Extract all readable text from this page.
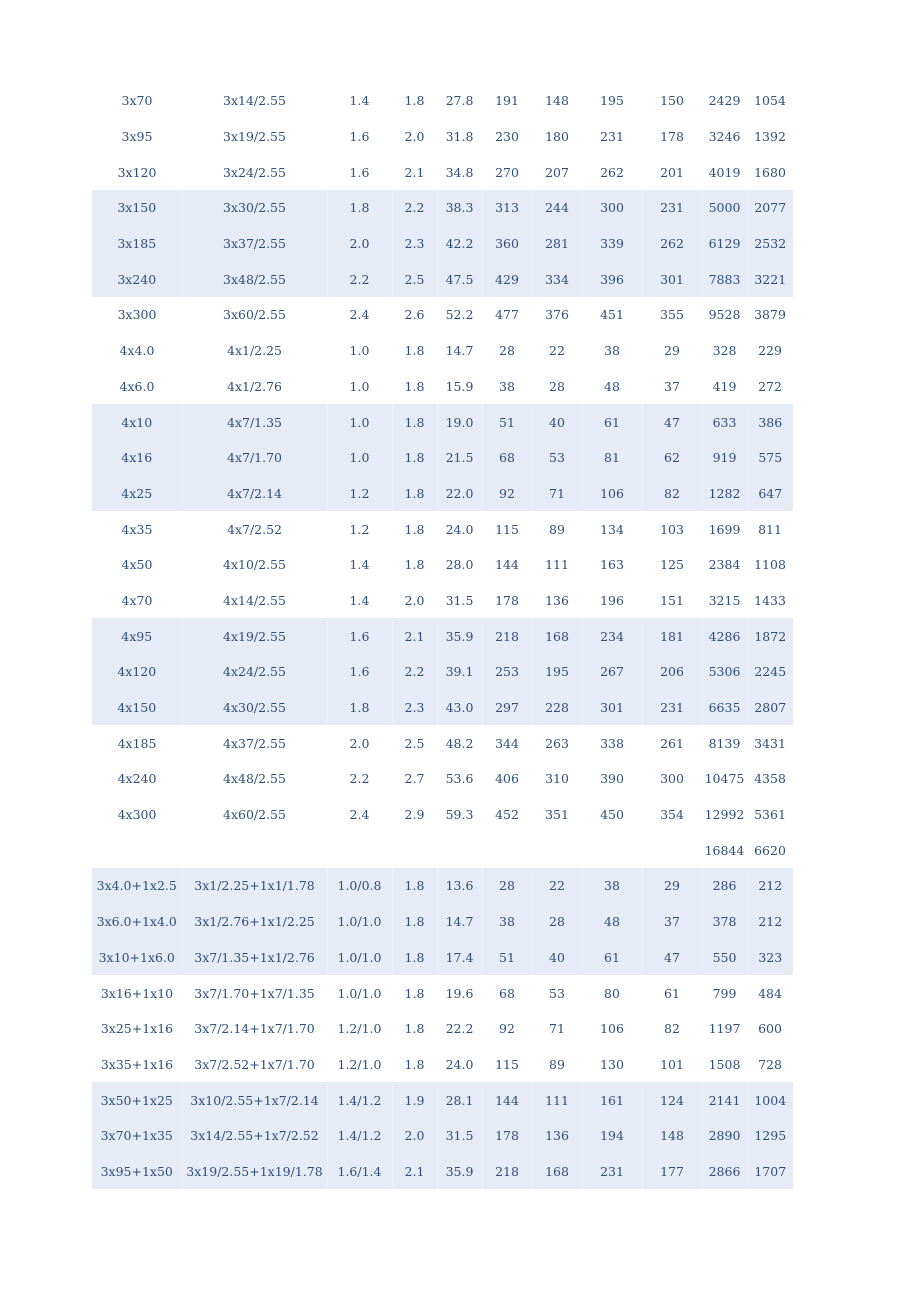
3x70	3x14/2.55	1.4	1.8	27.8	191	148	195	150	2429	1054
3x95	3x19/2.55	1.6	2.0	31.8	230	180	231	178	3246	1392
3x120	3x24/2.55	1.6	2.1	34.8	270	207	262	201	4019	1680
3x150	3x30/2.55	1.8	2.2	38.3	313	244	300	231	5000	2077
3x185	3x37/2.55	2.0	2.3	42.2	360	281	339	262	6129	2532
3x240	3x48/2.55	2.2	2.5	47.5	429	334	396	301	7883	3221
3x300	3x60/2.55	2.4	2.6	52.2	477	376	451	355	9528	3879
4x4.0	4x1/2.25	1.0	1.8	14.7	28	22	38	29	328	229
4x6.0	4x1/2.76	1.0	1.8	15.9	38	28	48	37	419	272
4x10	4x7/1.35	1.0	1.8	19.0	51	40	61	47	633	386
4x16	4x7/1.70	1.0	1.8	21.5	68	53	81	62	919	575
4x25	4x7/2.14	1.2	1.8	22.0	92	71	106	82	1282	647
4x35	4x7/2.52	1.2	1.8	24.0	115	89	134	103	1699	811
4x50	4x10/2.55	1.4	1.8	28.0	144	111	163	125	2384	1108
4x70	4x14/2.55	1.4	2.0	31.5	178	136	196	151	3215	1433
4x95	4x19/2.55	1.6	2.1	35.9	218	168	234	181	4286	1872
4x120	4x24/2.55	1.6	2.2	39.1	253	195	267	206	5306	2245
4x150	4x30/2.55	1.8	2.3	43.0	297	228	301	231	6635	2807
4x185	4x37/2.55	2.0	2.5	48.2	344	263	338	261	8139	3431
4x240	4x48/2.55	2.2	2.7	53.6	406	310	390	300	10475	4358
4x300	4x60/2.55	2.4	2.9	59.3	452	351	450	354	12992	5361
									16844	6620
3x4.0+1x2.5	3x1/2.25+1x1/1.78	1.0/0.8	1.8	13.6	28	22	38	29	286	212
3x6.0+1x4.0	3x1/2.76+1x1/2.25	1.0/1.0	1.8	14.7	38	28	48	37	378	212
3x10+1x6.0	3x7/1.35+1x1/2.76	1.0/1.0	1.8	17.4	51	40	61	47	550	323
3x16+1x10	3x7/1.70+1x7/1.35	1.0/1.0	1.8	19.6	68	53	80	61	799	484
3x25+1x16	3x7/2.14+1x7/1.70	1.2/1.0	1.8	22.2	92	71	106	82	1197	600
3x35+1x16	3x7/2.52+1x7/1.70	1.2/1.0	1.8	24.0	115	89	130	101	1508	728
3x50+1x25	3x10/2.55+1x7/2.14	1.4/1.2	1.9	28.1	144	111	161	124	2141	1004
3x70+1x35	3x14/2.55+1x7/2.52	1.4/1.2	2.0	31.5	178	136	194	148	2890	1295
3x95+1x50	3x19/2.55+1x19/1.78	1.6/1.4	2.1	35.9	218	168	231	177	2866	1707
